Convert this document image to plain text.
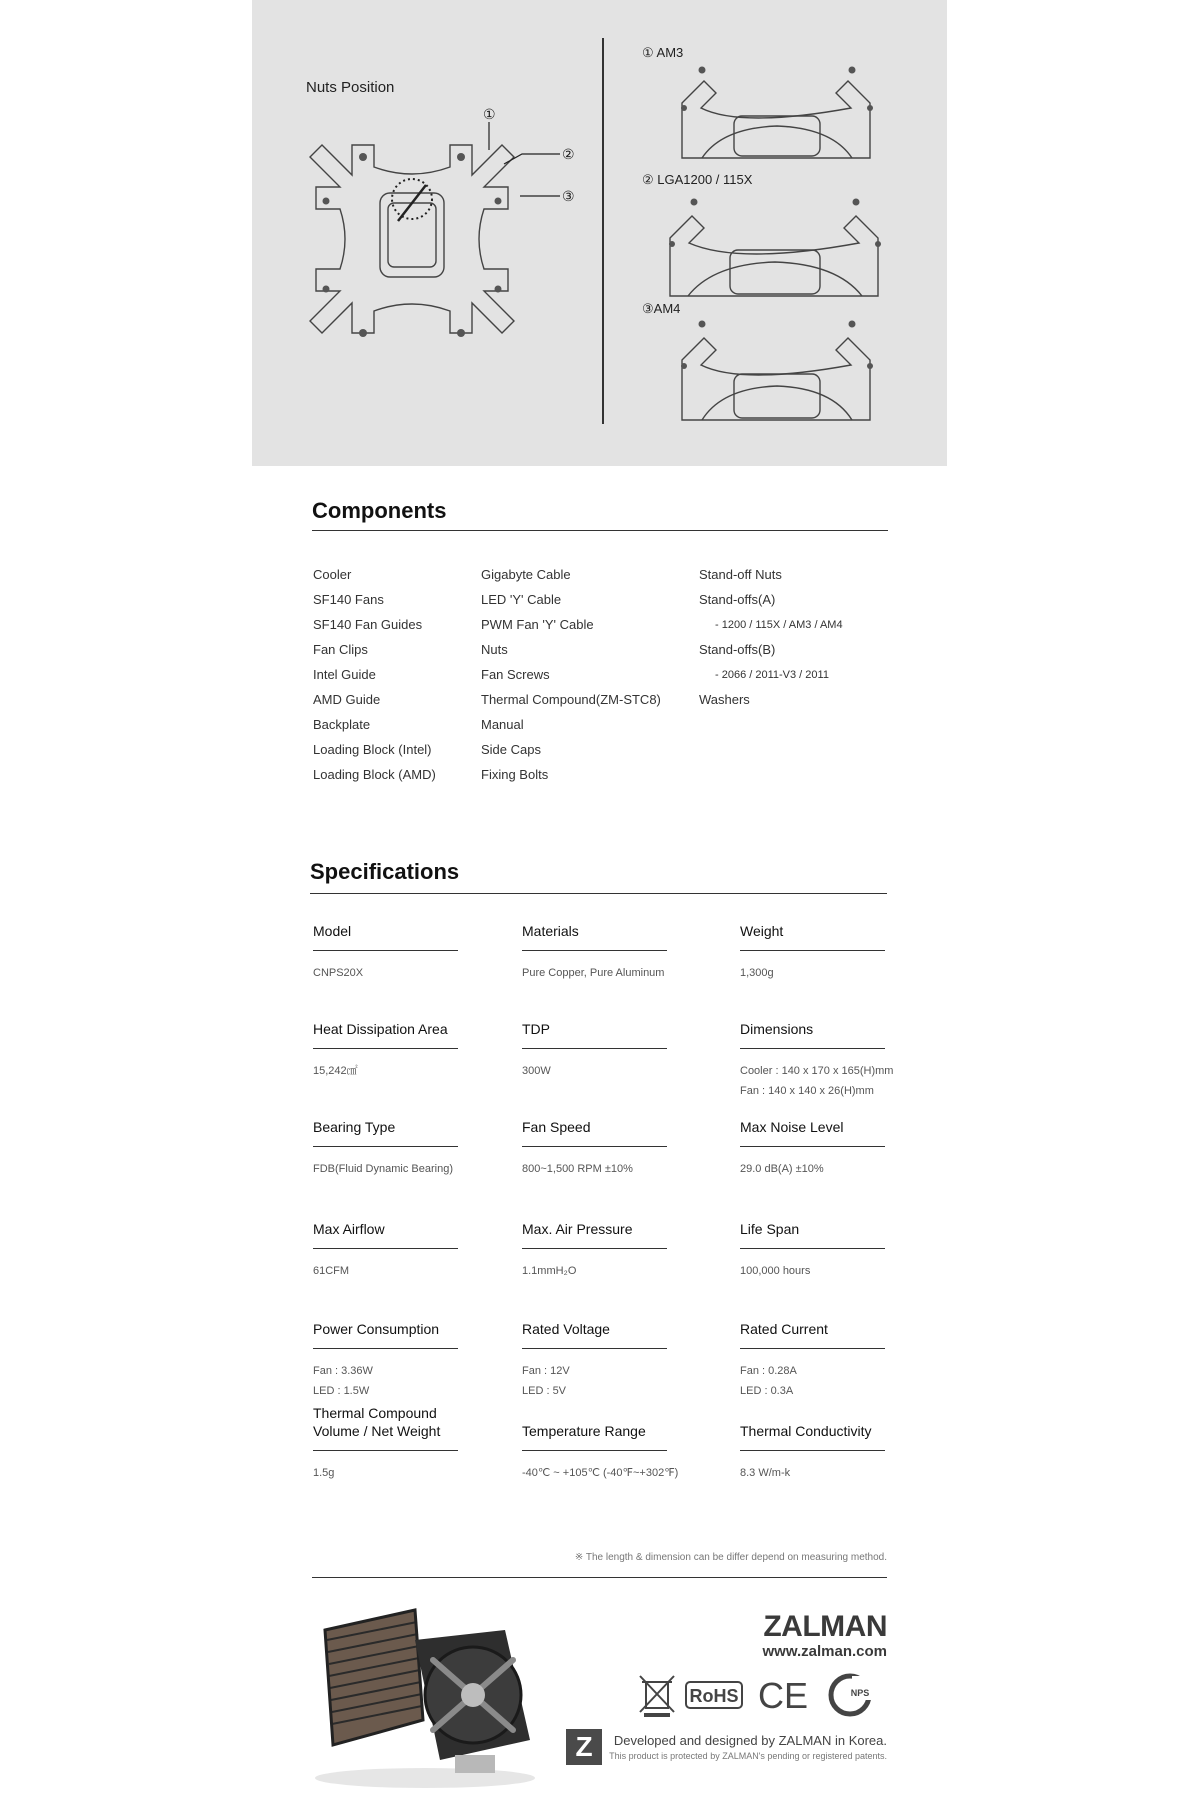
Nuts Position
①
②
③
① AM3
② LGA1200 / 115X
③AM4
Components
Cooler
SF140 Fans
SF140 Fan Guides
Fan Clips
Intel Guide
AMD Guide
Backplate
Loading Block (Intel)
Loading Block (AMD)
Gigabyte Cable
LED 'Y' Cable
PWM Fan 'Y' Cable
Nuts
Fan Screws
Thermal Compound(ZM-STC8)
Manual
Side Caps
Fixing Bolts
Stand-off Nuts
Stand-offs(A)
- 1200 / 115X / AM3 / AM4
Stand-offs(B)
- 2066 / 2011-V3 / 2011
Washers
Specifications
Model
CNPS20X
Materials
Pure Copper, Pure Aluminum
Weight
1,300g
Heat Dissipation Area
15,242㎠
TDP
300W
Dimensions
Cooler : 140 x 170 x 165(H)mm
Fan : 140 x 140 x 26(H)mm
Bearing Type
FDB(Fluid Dynamic Bearing)
Fan Speed
800~1,500 RPM ±10%
Max Noise Level
29.0 dB(A) ±10%
Max Airflow
61CFM
Max. Air Pressure
1.1mmH₂O
Life Span
100,000 hours
Power Consumption
Fan : 3.36W
LED : 1.5W
Rated Voltage
Fan : 12V
LED : 5V
Rated Current
Fan : 0.28A
LED : 0.3A
Thermal Compound
Volume / Net Weight
1.5g
Temperature Range
-40℃ ~ +105℃ (-40℉~+302℉)
Thermal Conductivity
8.3 W/m-k
※ The length & dimension can be differ depend on measuring method.
ZALMAN
www.zalman.com
RoHS CE	NPS
Z	Developed and designed by ZALMAN in Korea.
This product is protected by ZALMAN's pending or registered patents.
